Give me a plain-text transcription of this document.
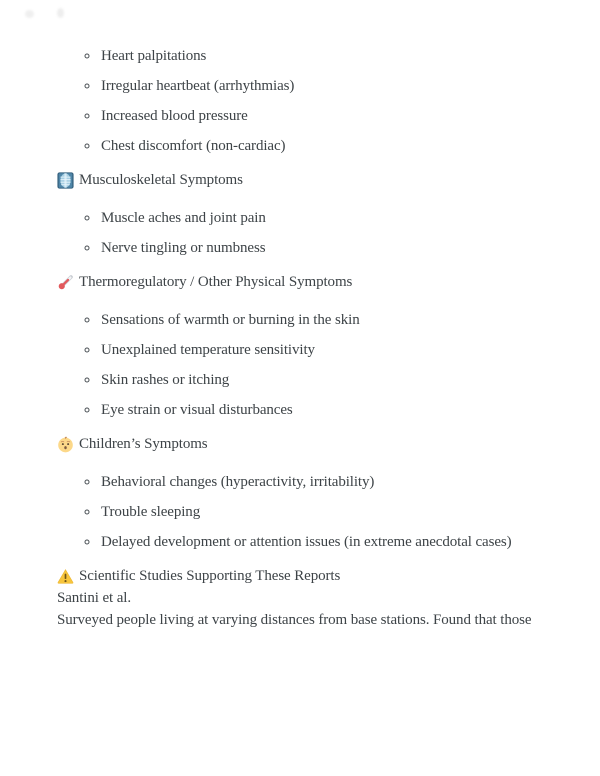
◦ Heart palpitations
◦ Irregular heartbeat (arrhythmias)
◦ Increased blood pressure
◦ Chest discomfort (non-cardiac)
Musculoskeletal Symptoms
◦ Muscle aches and joint pain
◦ Nerve tingling or numbness
Thermoregulatory / Other Physical Symptoms
◦ Sensations of warmth or burning in the skin
◦ Unexplained temperature sensitivity
◦ Skin rashes or itching
◦ Eye strain or visual disturbances
Children’s Symptoms
◦ Behavioral changes (hyperactivity, irritability)
◦ Trouble sleeping
◦ Delayed development or attention issues (in extreme anecdotal cases)
Scientific Studies Supporting These Reports

Santini et al.

Surveyed people living at varying distances from base stations. Found that those
